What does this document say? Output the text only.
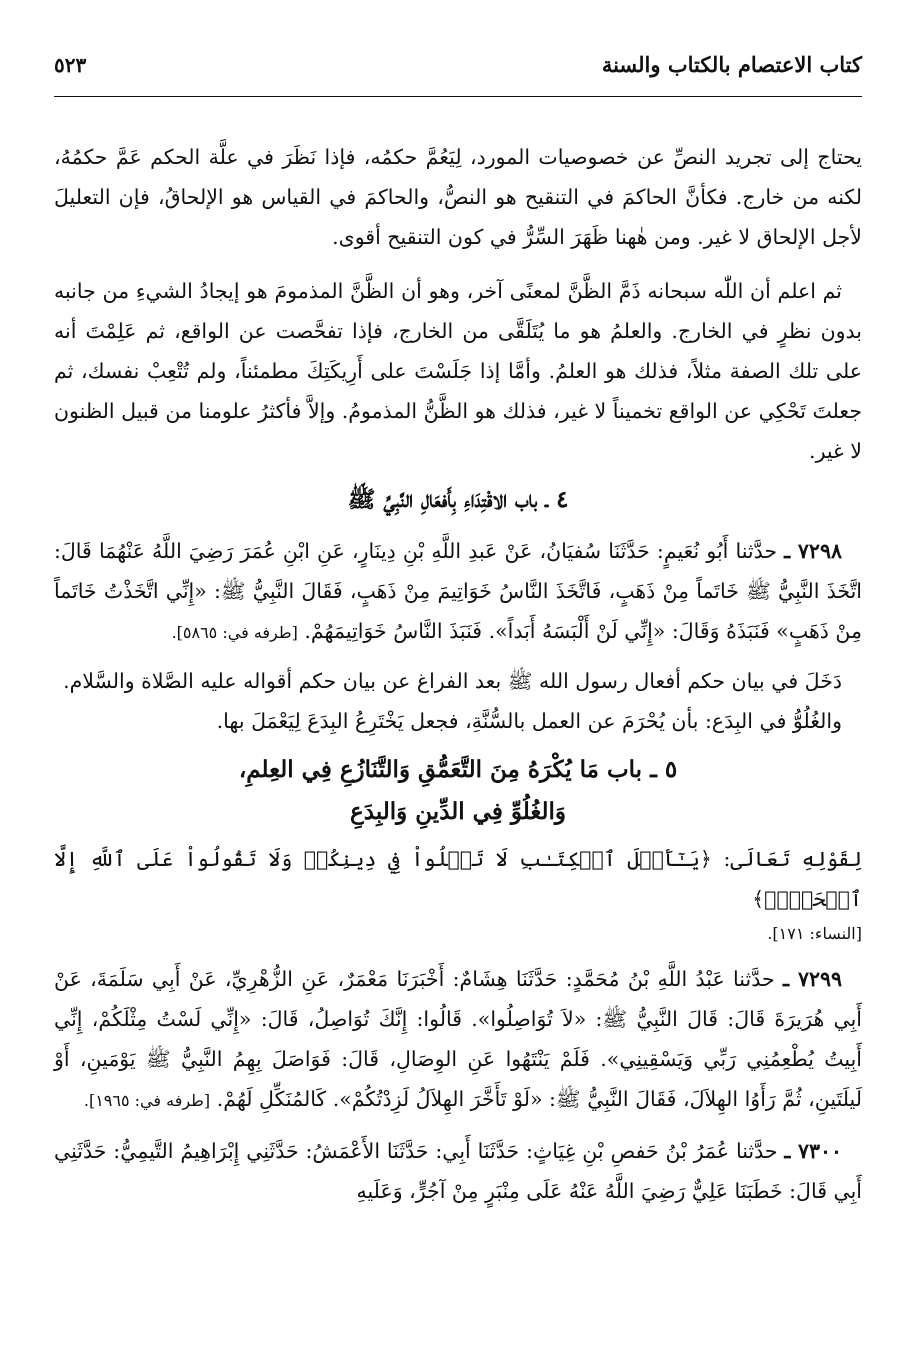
كتاب الاعتصام بالكتاب والسنة
٥٢٣

يحتاج إلى تجريد النصِّ عن خصوصيات المورد، لِيَعُمَّ حكمُه، فإذا نَظَرَ في علَّة الحكم عَمَّ حكمُهُ، لكنه من خارج. فكأنَّ الحاكمَ في التنقيح هو النصُّ، والحاكمَ في القياس هو الإلحاقُ، فإن التعليلَ لأجل الإلحاق لا غير. ومن هٰهنا ظَهَرَ السِّرُّ في كون التنقيح أقوى.

ثم اعلم أن اللّٰه سبحانه ذَمَّ الظَّنَّ لمعنًى آخر، وهو أن الظَّنَّ المذمومَ هو إيجادُ الشيءِ من جانبه بدون نظرٍ في الخارج. والعلمُ هو ما يُتَلَقَّى من الخارج، فإذا تفحَّصت عن الواقع، ثم عَلِمْتَ أنه على تلك الصفة مثلاً، فذلك هو العلمُ. وأمَّا إذا جَلَسْتَ على أَرِيكَتِكَ مطمئناً، ولم تُتْعِبْ نفسك، ثم جعلتَ تَحْكِي عن الواقع تخميناً لا غير، فذلك هو الظَّنُّ المذمومُ. وإلاَّ فأكثرُ علومنا من قبيل الظنون لا غير.

٤ ـ باب الاقْتِدَاءِ بِأَفعَالِ النَّبِيِّ ﷺ

٧٢٩٨ ـ حدَّثنا أَبُو نُعَيمٍ: حَدَّثَنَا سُفيَانُ، عَنْ عَبدِ اللَّهِ بْنِ دِينَارٍ، عَنِ ابْنِ عُمَرَ رَضِيَ اللَّهُ عَنْهُمَا قَالَ: اتَّخَذَ النَّبِيُّ ﷺ خَاتَماً مِنْ ذَهَبٍ، فَاتَّخَذَ النَّاسُ خَوَاتِيمَ مِنْ ذَهَبٍ، فَقَالَ النَّبِيُّ ﷺ: «إِنِّي اتَّخَذْتُ خَاتَماً مِنْ ذَهَبٍ» فَنَبَذَهُ وَقَالَ: «إِنِّي لَنْ أَلْبَسَهُ أَبَداً». فَنَبَذَ النَّاسُ خَوَاتِيمَهُمْ. [طرفه في: ٥٨٦٥].

دَخَلَ في بيان حكم أفعال رسول الله ﷺ بعد الفراغ عن بيان حكم أقواله عليه الصَّلاة والسَّلام.

والغُلُوُّ في البِدَع: بأن يُحْرَمَ عن العمل بالسُّنَّةِ، فجعل يَخْتَرِعُ البِدَعَ لِيَعْمَلَ بها.

٥ ـ باب مَا يُكْرَهُ مِنَ التَّعَمُّقِ وَالتَّنَازُعِ فِي العِلمِ،
وَالغُلُوِّ فِي الدِّينِ وَالبِدَعِ

لِقَوْلِهِ تَعَالَى: ﴿يَـٰٓأَهۡلَ ٱلۡكِتَـٰبِ لَا تَغۡلُواْ فِي دِينِكُمۡ وَلَا تَقُولُواْ عَلَى ٱللَّهِ إِلَّا ٱلۡحَقَّۚ﴾

[النساء: ١٧١].

٧٢٩٩ ـ حدَّثنا عَبْدُ اللَّهِ بْنُ مُحَمَّدٍ: حَدَّثَنَا هِشَامٌ: أَخْبَرَنَا مَعْمَرٌ، عَنِ الزُّهْرِيِّ، عَنْ أَبِي سَلَمَةَ، عَنْ أَبِي هُرَيرَةَ قَالَ: قَالَ النَّبِيُّ ﷺ: «لاَ تُوَاصِلُوا». قَالُوا: إِنَّكَ تُوَاصِلُ، قَالَ: «إِنِّي لَسْتُ مِثْلَكُمْ، إِنِّي أَبِيتُ يُطْعِمُنِي رَبِّي وَيَسْقِينِي». فَلَمْ يَنْتَهُوا عَنِ الوِصَالِ، قَالَ: فَوَاصَلَ بِهِمُ النَّبِيُّ ﷺ يَوْمَينِ، أَوْ لَيلَتَينِ، ثُمَّ رَأَوُا الهِلاَلَ، فَقَالَ النَّبِيُّ ﷺ: «لَوْ تَأَخَّرَ الهِلاَلُ لَزِدْتُكُمْ». كَالمُنَكِّلِ لَهُمْ. [طرفه في: ١٩٦٥].

٧٣٠٠ ـ حدَّثنا عُمَرُ بْنُ حَفصِ بْنِ غِيَاثٍ: حَدَّثَنَا أَبِي: حَدَّثَنَا الأَعْمَشُ: حَدَّثَنِي إِبْرَاهِيمُ التَّيمِيُّ: حَدَّثَنِي أَبِي قَالَ: خَطَبَنَا عَلِيٌّ رَضِيَ اللَّهُ عَنْهُ عَلَى مِنْبَرٍ مِنْ آجُرٍّ، وَعَلَيهِ
